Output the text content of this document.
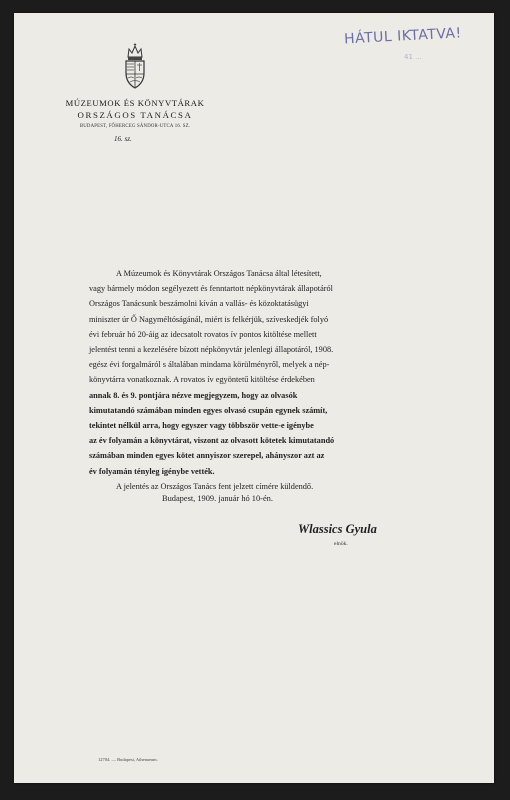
HÁTUL IKTATVA!
41 ...
MÚZEUMOK ÉS KÖNYVTÁRAK
ORSZÁGOS TANÁCSA
BUDAPEST, FŐHERCEG SÁNDOR-UTCA 16. SZ.
16. sz.
A Múzeumok és Könyvtárak Országos Tanácsa által létesített,
vagy bármely módon segélyezett és fenntartott népkönyvtárak állapotáról
Országos Tanácsunk beszámolni kíván a vallás- és közoktatásügyi
miniszter úr Ő Nagyméltóságánál, miért is felkérjük, szíveskedjék folyó
évi február hó 20-áig az idecsatolt rovatos ív pontos kitöltése mellett
jelentést tenni a kezelésére bízott népkönyvtár jelenlegi állapotáról, 1908.
egész évi forgalmáról s általában mindama körülményről, melyek a nép-
könyvtárra vonatkoznak. A rovatos ív egyöntetű kitöltése érdekében
annak 8. és 9. pontjára nézve megjegyzem, hogy az olvasók
kimutatandó számában minden egyes olvasó csupán egynek számít,
tekintet nélkül arra, hogy egyszer vagy többször vette-e igénybe
az év folyamán a könyvtárat, viszont az olvasott kötetek kimutatandó
számában minden egyes kötet annyiszor szerepel, ahányszor azt az
év folyamán tényleg igénybe vették.
A jelentés az Országos Tanács fent jelzett címére küldendő.
Budapest, 1909. január hó 10-én.
Wlassics Gyula
elnök.
12704. — Budapest, Athenaeum.
